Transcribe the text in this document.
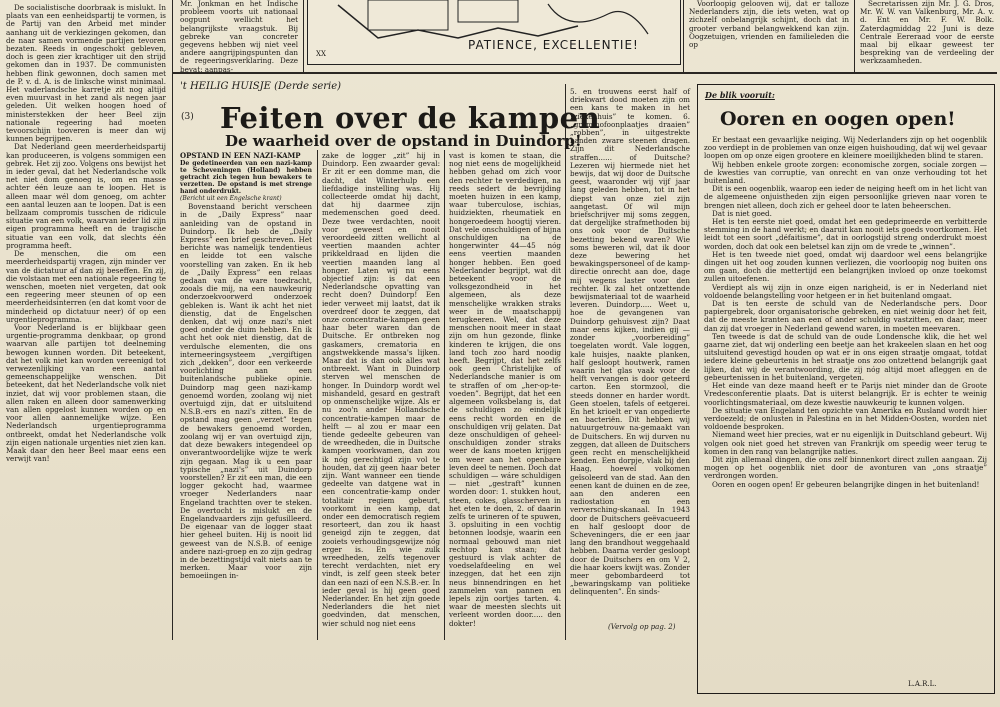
De socialistische doorbraak is mislukt. In plaats van een eenheidspartij te vormen, is de Partij van den Arbeid met minder aanhang uit de verkiezingen gekomen, dan de naar samen vormende partijen tevoren bezaten. Reeds in ongeschokt gebleven, doch is geen zier krachtiger uit den strijd gekomen dan in 1937. De communisten hebben flink gewonnen, doch samen met de P. v. d. A. is de linksche winst minimaal. Het vaderlandsche karretje zit nog altijd even muurvast in het zand als negen jaar geleden. Uit welken hoogen hoed of ministerstekken der heer Beel zijn nationale regeering had moeten tevoorschijn tooveren is meer dan wij kunnen begrijpen.

Dat Nederland geen meerderheidspartij kan produceeren, is volgens sommigen een gebrek. Het zij zoo. Volgens ons bewijst het in ieder geval, dat het Nederlandsche volk net niet dom genoeg is, om en masse achter één leuze aan te loopen. Het is alleen maar wél dom genoeg, om achter een aantal leuzen aan te loopen. Dat is een bellzaam compromis tusschen de ridicule situatie van een volk, waarvan ieder lid zijn eigen programma heeft en de tragische situatie van een volk, dat slechts één programma heeft.

De menschen, die om een meerderheidspartij vragen, zijn minder ver van de dictatuur af dan zij beseffen. En zij, die volstaan met een nationale regeering te wenschen, moeten niet vergeten, dat ook een regeering meer steunen of op een meerderheidsinterren (en dat komt voor de minderheid op dictatuur neer) óf op een urgentieprogramma.

Voor Nederland is er blijkbaar geen urgentie-programma denkbaar, op grond waarvan alle partijen tot deelneming bewogen kunnen worden. Dit beteekent, dat het volk niet kan worden vereenigd tot verwezenlijking van een aantal gemeenschappelijke wenschen. Dit beteekent, dat het Nederlandsche volk niet inziet, dat wij voor problemen staan, die allen raken en alleen door samenwerking van allen opgelost kunnen worden op en voor allen aannemelijke wijze. Een Nederlandsch urgentieprogramma ontbreekt, omdat het Nederlandsche volk zijn eigen nationale urgenties niet zien kan. Maak daar den heer Beel maar eens een verwijt van!

Mr. Jonkman en het Indische probleem voorts uit nationaal oogpunt wellicht het belangrijkste vraagstuk. Bij gebreke van concreter gegevens hebben wij niet veel andere aangrijpingspunten dan de regeeringsverklaring. Deze bevat: aanpas-

PATIENCE, EXCELLENTIE!
XX

Voorloopig gelooven wij, dat er talloze Nederlanders zijn, die iets weten, wat op zichzelf onbelangrijk schijnt, doch dat in grooter verband belangwekkend kan zijn. Oogzetuigen, vrienden en familieleden die op

Secretarissen zijn Mr. J. G. Dros, Mr. W. W. van Valkenburg, Mr. A. v. d. Ent en Mr. F. W. Bolk. Zaterdagmiddag 22 Juni is deze Centrale Eereraad voor de eerste maal bij elkaar geweest ter bespreking van de verdeeling der werkzaamheden.

't HEILIG HUISJE (Derde serie)
(3) Feiten over de kampen
De waarheid over de opstand in Duindorp!
OPSTAND IN EEN NAZI-KAMP
De gedetineerden van een nazi-kamp te Scheveningen (Holland) hebben getracht zich tegen hun bewakers te verzetten. De opstand is met strenge hand onderdrukt.
(Bericht uit een Engelsche krant)

Bovenstaand bericht verscheen in de „Daily Express” naar aanleiding van de opstand in Duindorp. Ik heb de „Daily Express” een brief geschreven. Het berichte was namelijk tendentieus en leidde tot een valsche voorstelling van zaken. En ik heb de „Daily Express” een relaas gedaan van de ware toedracht, zooals die mij, na een nauwkeurig onderzoekvoorwerd onderzoek gebleken is. Want ik acht het niet dienstig, dat de Engelschen denken, dat wij onze nazi's niet goed onder de duim hebben. En ik acht het ook niet dienstig, dat de verdulsche elementen, die ons interneeringsysteem „vergiftigen zich „dekken”, door een verkeerde voorlichting aan een buitenlandsche publieke opinie. Duindorp mag geen nazi-kamp genoemd worden, zoolang wij niet overtuigd zijn, dat er uitsluitend N.S.B.-ers en nazi's zitten. En de opstand mag geen „verzet” tegen de bewakers genoemd worden, zoolang wij er van overtuigd zijn, dat deze bewakers integendeel op onverantwoordelijke wijze te werk zijn gegaan. Mag ik u een paar typische „nazi's” uit Duindorp voorstellen? Er zit een man, die een logger gekocht had, waarmee vroeger Nederlanders naar Engeland trachtten over te steken. De overtocht is mislukt en de Engelandvaarders zijn gefusilleerd. De eigenaar van de logger staat hier geheel buiten. Hij is nooit lid geweest van de N.S.B. of eenige andere nazi-groep en zo zijn gedrag in de bezettingstijd valt niets aan te merken. Maar voor zijn bemoeiingen in-

zake de logger „zit” hij in Duindorp. Een zwaarder geval: Er zit er een domme man, die dacht, dat Winterhulp een liefdadige instelling was. Hij collecteerde omdat hij dacht, dat hij daarmee zijn medemenschen goed deed. Deze twee verdachten, nooit voor geweest en nooit veroordeeld zitten wellicht al veertien maanden achter prikkeldraad en lijden die veertien maanden lang al honger. Laten wij nu eens objectief zijn: is dat een Nederlandsche opvatting van recht doen? Duindorp! Een ieder verweet mij laatst, dat ik overdreef door te zeggen, dat onze concentratie-kampen geen haar beter waren dan de Duitsche. Er ontbreken nog gaskamers, crematoria en angstwekkende massa's lijken. Maar dat is dan ook alles wat ontbreekt. Want in Duindorp sterven wel menschen de honger. In Duindorp wordt wel mishandeld, gesard en gestraft op onmenschelijke wijze. Als er nu zoo'n ander Hollandsche concentratie-kampen maar de helft — al zou er maar een tiende gedeelte gebeuren van de wreedheden, die in Duitsche kampen voorkwamen, dan zou ik nóg gerechtigd zijn vol te houden, dat zij geen haar beter zijn. Want wanneer een tiende gedeelte van datgene wat in een concentratie-kamp onder totalitair regiem gebeurt, voorkomt in een kamp, dat onder een democratisch regiem resorteert, dan zou ik haast geneigd zijn te zeggen, dat zooiets verhoudingsgewijze nóg erger is. En wie zulk wreedheden, zelfs tegenover terecht verdachten, niet ery vindt, is zelf geen steek beter dan een nazi of een N.S.B.-er. In ieder geval is hij geen goed Nederlander. En het zijn goede Nederlanders die het niet goedvinden, dat menschen, wier schuld nog niet eens

vast is komen te staan, die nog niet eens de mogelijkheid hebben gehad om zich voor den rechter te verdedigen, na reeds sedert de bevrijding moeten huizen in een kamp, waar tuberculose, ischias, huidziekten, rheumatiek en hongeroedeem hoogtij vieren. Dat vele onschuldigen of bijna onschuldigen na de hongerwinter 44—45 nóg eens veertien maanden honger hebben. Een goed Nederlander begrijpt, wat dit beteekent voor de volksgezondheid in het algemeen, als deze menschelijke wrakken straks weer in de maatschappij terugkeeren. Wel, dat deze menschen nooit meer in staat zijn om hun gezonde, flinke kinderen te krijgen, die ons land toch zoo hard noodig heeft. Begrijpt, dat het zelfs ook geen Christelijke of Nederlandsche manier is om te straffen of om „her-op-te-voeden”. Begrijpt, dat het een algemeen volksbelang is, dat de schuldigen zo eindelijk eens recht worden en de onschuldigen vrij gelaten. Dat deze onschuldigen of geheel-onschuldigen zonder straks weer de kans moeten krijgen om weer aan het openbare leven deel te nemen. Doch dat schuldigen — wáre schuldigen — niet „gestraft” kunnen worden door: 1. stukken hout, steen, cokes, glasscherven in het eten te doen, 2. of daarin zelfs te urineren of te spuwen, 3. opsluiting in een vochtig betonnen loodsje, waarin een normaal gebouwd man niet rechtop kan staan; dat gestuurd is vlak achter de voedselafdeeling en wel inzeggen, dat het een zijn neus binnendringen en het zammelen van pannen en lepels zijn oortjes tarten. 4. waar de meesten slechts uit verleent worden door..... den dokter!

5. en trouwens eerst half of driekwart dood moeten zijn om een kans te maken in het „ziekenhuis” te komen. 6. „grammofoonplaatjes draaien” „robben”, in uitgestrekte handen zware steenen dragen. Zijn dit Nederlandsche straffen...... of Duitsche? Lezeren wij hiermede niet het bewijs, dat wij door de Duitsche geest, waaronder wij vijf jaar lang geleden hebben, tot in het diepst van onze ziel zijn aangetast. Of wil mijn briefschrijver mij soms zeggen, dat dergelijke strafmethoden bij ons ook voor de Duitsche bezetting bekend waren? Wie soms beweren wil, dat ik door deze bewering het bewakingspersoneel of de kamp-directie onrecht aan doe, dage mij wegens laster voor den rechter. Ik zal het ontzettende bewijsmateriaal tot de waarheid leveren. Duindorp..... Weet u, hoe de gevangenen van Duindorp gehuisvest zijn? Daat maar eens kijken, indien gij — zonder „voorbereiding” toegelaten wordt. Vale loggen, kale huisjes, naakte planken, half gesloopt houtwerk, ramen waarin het glas vaak voor de helft vervangen is door geteerd carton. Een stormzool, die steeds donner en harder wordt. Geen stoelen, tafels of eetgerei. En het krioelt er van ongedierte en bacteriën. Dit hebben wij natuurgetrouw na-gemaakt van de Duitschers. En wij durven nu zeggen, dat alleen de Duitschers geen recht en menschelijkheid kenden. Een dorpje, vlak bij den Haag, hoewel volkomen geïsoleerd van de stad. Aan den eenen kant de duinen en de zee, aan den anderen een radiostation en een verversching-skanaal. In 1943 door de Duitschers geëvacueerd en half gesloopt door de Scheveningers, die er een jaar lang den brandhout weggehaald hebben. Daarna verder gesloopt door de Duitschers en om V 2, die haar koers kwijt was. Zonder meer gebombardeerd tot „bewaringskamp van politieke delinquenten”. En sinds-

(Vervolg op pag. 2)
De blik vooruit:
Ooren en oogen open!

Er bestaat een gevaarlijke neiging. Wij Nederlanders zijn op het oogenblik zoo verdiept in de problemen van onze eigen huishouding, dat wij wel gevaar loopen om op onze eigen grootere en kleinere moeilijkheden blind te staren.

Wij hebben enkele groote zorgen: economische zorgen, sociale zorgen — de kwesties van corruptie, van onrecht en van onze verhouding tot het buitenland.

Dit is een oogenblik, waarop een ieder de neiging heeft om in het licht van de algemeene onjuistheden zijn eigen persoonlijke grieven naar voren te brengen niet alleen, doch zich er geheel door te laten beheerschen.

Dat is niet goed.

Het is ten eerste niet goed, omdat het een gedeprimeerde en verbitterde stemming in de hand werkt; en daaruit kan nooit iets goeds voortkomen. Het leidt tot een soort „défaitisme”, dat in oorlogstijd streng onderdrukt moest worden, doch dat ook een beletsel kan zijn om de vrede te „winnen”.

Het is ten tweede niet goed, omdat wij daardoor wel eens belangrijke dingen uit het oog zouden kunnen verliezen, die voorloopig nog buiten ons om gaan, doch die mettertijd een belangrijken invloed op onze toekomst zullen uitoefenen.

Verdiept als wij zijn in onze eigen narigheid, is er in Nederland niet voldoende belangstelling voor hetgeen er in het buitenland omgaat.

Dat is ten eerste de schuld van de Nederlandsche pers. Door papiergebrek, door organisatorische gebreken, en niet weinig door het feit, dat de meeste kranten aan een of ander schuldig vastzitten, en daar, meer dan zij dat vroeger in Nederland gewend waren, in moeten meevaren.

Ten tweede is dat de schuld van de oude Londensche klik, die het wel gaarne ziet, dat wij onderling een beetje aan het krakeelen slaan en het oog uitsluitend gevestigd houden op wat er in ons eigen straatje omgaat, totdat iedere kleine gebeurtenis in het straatje ons zoo ontzettend belangrijk gaat lijken, dat wij de verantwoording, die zij nóg altijd moet afleggen en de gebeurtenissen in het buitenland, vergeten.

Het einde van deze maand heeft er te Parijs niet minder dan de Groote Vredesconferentie plaats. Dat is uiterst belangrijk. Er is echter te weinig voorlichtingsmateriaal, om deze kwestie nauwkeurig te kunnen volgen.

De situatie van Engeland ten opzichte van Amerika en Rusland wordt hier verdoezeld; de onlusten in Palestina en in het Midden-Oosten, worden niet voldoende besproken.

Niemand weet hier precies, wat er nu eigenlijk in Duitschland gebeurt. Wij volgen ook niet goed het streven van Frankrijk om speedig weer terug te komen in den rang van belangrijke naties.

Dit zijn allemaal dingen, die ons zelf binnenkort direct zullen aangaan. Zij mogen op het oogenblik niet door de avonturen van „ons straatje” verdrongen worden.

Ooren en oogen open! Er gebeuren belangrijke dingen in het buitenland!

L.A.R.L.
